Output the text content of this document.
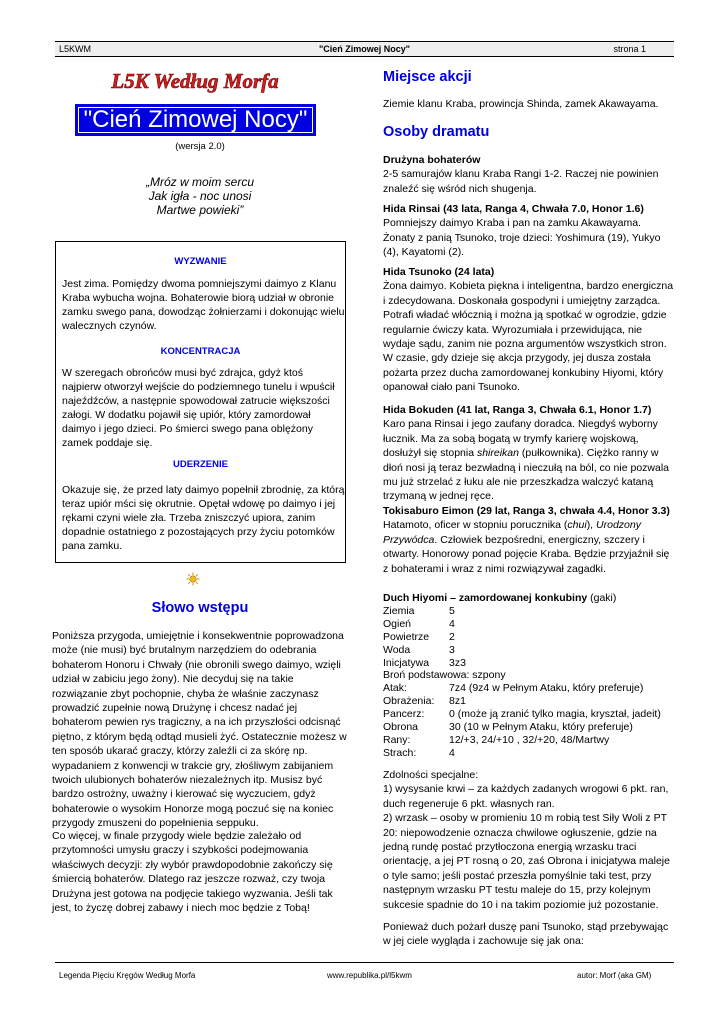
L5KWM	"Cień Zimowej Nocy"	strona 1
L5K Według Morfa
"Cień Zimowej Nocy"
(wersja 2.0)
„Mróz w moim sercu
Jak igła - noc unosi
Martwe powieki”
WYZWANIE
Jest zima. Pomiędzy dwoma pomniejszymi daimyo z Klanu Kraba wybucha wojna. Bohaterowie biorą udział w obronie zamku swego pana, dowodząc żołnierzami i dokonując wielu walecznych czynów.
KONCENTRACJA
W szeregach obrońców musi być zdrajca, gdyż ktoś najpierw otworzył wejście do podziemnego tunelu i wpuścił najeźdźców, a następnie spowodował zatrucie większości załogi. W dodatku pojawił się upiór, który zamordował daimyo i jego dzieci. Po śmierci swego pana oblężony zamek poddaje się.
UDERZENIE
Okazuje się, że przed laty daimyo popełnił zbrodnię, za którą teraz upiór mści się okrutnie. Opętał wdowę po daimyo i jej rękami czyni wiele zła. Trzeba zniszczyć upiora, zanim dopadnie ostatniego z pozostających przy życiu potomków pana zamku.
Słowo wstępu
Poniższa przygoda, umiejętnie i konsekwentnie poprowadzona może (nie musi) być brutalnym narzędziem do odebrania bohaterom Honoru i Chwały (nie obronili swego daimyo, wzięli udział w zabiciu jego żony). Nie decyduj się na takie rozwiązanie zbyt pochopnie, chyba że właśnie zaczynasz prowadzić zupełnie nową Drużynę i chcesz nadać jej bohaterom pewien rys tragiczny, a na ich przyszłości odcisnąć piętno, z którym będą odtąd musieli żyć. Ostatecznie możesz w ten sposób ukarać graczy, którzy zaleźli ci za skórę np. wypadaniem z konwencji w trakcie gry, złośliwym zabijaniem twoich ulubionych bohaterów niezależnych itp. Musisz być bardzo ostrożny, uważny i kierować się wyczuciem, gdyż bohaterowie o wysokim Honorze mogą poczuć się na koniec przygody zmuszeni do popełnienia seppuku.
Co więcej, w finale przygody wiele będzie zależało od przytomności umysłu graczy i szybkości podejmowania właściwych decyzji: zły wybór prawdopodobnie zakończy się śmiercią bohaterów. Dlatego raz jeszcze rozważ, czy twoja Drużyna jest gotowa na podjęcie takiego wyzwania. Jeśli tak jest, to życzę dobrej zabawy i niech moc będzie z Tobą!
Miejsce akcji
Ziemie klanu Kraba, prowincja Shinda, zamek Akawayama.
Osoby dramatu
Drużyna bohaterów
2-5 samurajów klanu Kraba Rangi 1-2. Raczej nie powinien znaleźć się wśród nich shugenja.
Hida Rinsai (43 lata, Ranga 4, Chwała 7.0, Honor 1.6)
Pomniejszy daimyo Kraba i pan na zamku Akawayama. Żonaty z panią Tsunoko, troje dzieci: Yoshimura (19), Yukyo (4), Kayatomi (2).
Hida Tsunoko (24 lata)
Żona daimyo. Kobieta piękna i inteligentna, bardzo energiczna i zdecydowana. Doskonała gospodyni i umiejętny zarządca. Potrafi władać włócznią i można ją spotkać w ogrodzie, gdzie regularnie ćwiczy kata. Wyrozumiała i przewidująca, nie wydaje sądu, zanim nie pozna argumentów wszystkich stron. W czasie, gdy dzieje się akcja przygody, jej dusza została pożarta przez ducha zamordowanej konkubiny Hiyomi, który opanował ciało pani Tsunoko.
Hida Bokuden (41 lat, Ranga 3, Chwała 6.1, Honor 1.7)
Karo pana Rinsai i jego zaufany doradca. Niegdyś wyborny łucznik. Ma za sobą bogatą w trymfy karierę wojskową, dosłużył się stopnia shireikan (pułkownika). Ciężko ranny w dłoń nosi ją teraz bezwładną i nieczułą na ból, co nie pozwala mu już strzelać z łuku ale nie przeszkadza walczyć kataną trzymaną w jednej ręce.
Tokisaburo Eimon (29 lat, Ranga 3, chwała 4.4, Honor 3.3)
Hatamoto, oficer w stopniu porucznika (chui), Urodzony Przywódca. Człowiek bezpośredni, energiczny, szczery i otwarty. Honorowy ponad pojęcie Kraba. Będzie przyjaźnił się z bohaterami i wraz z nimi rozwiązywał zagadki.
Duch Hiyomi – zamordowanej konkubiny (gaki)
Ziemia	5
Ogień	4
Powietrze 2
Woda	3
Inicjatywa 3z3
Broń podstawowa: szpony
Atak:	7z4 (9z4 w Pełnym Ataku, który preferuje)
Obrażenia: 8z1
Pancerz: 0 (może ją zranić tylko magia, kryształ, jadeit)
Obrona	30 (10 w Pełnym Ataku, który preferuje)
Rany:	12/+3, 24/+10 , 32/+20, 48/Martwy
Strach:	4
Zdolności specjalne:
1) wysysanie krwi – za każdych zadanych wrogowi 6 pkt. ran, duch regeneruje 6 pkt. własnych ran.
2) wrzask – osoby w promieniu 10 m robią test Siły Woli z PT 20: niepowodzenie oznacza chwilowe ogłuszenie, gdzie na jedną rundę postać przytłoczona energią wrzasku traci orientację, a jej PT rosną o 20, zaś Obrona i inicjatywa maleje o tyle samo; jeśli postać przeszła pomyślnie taki test, przy następnym wrzasku PT testu maleje do 15, przy kolejnym sukcesie spadnie do 10 i na takim poziomie już pozostanie.
Ponieważ duch pożarł duszę pani Tsunoko, stąd przebywając w jej ciele wygląda i zachowuje się jak ona:
Legenda Pięciu Kręgów Według Morfa	www.republika.pl/l5kwm	autor: Morf (aka GM)
